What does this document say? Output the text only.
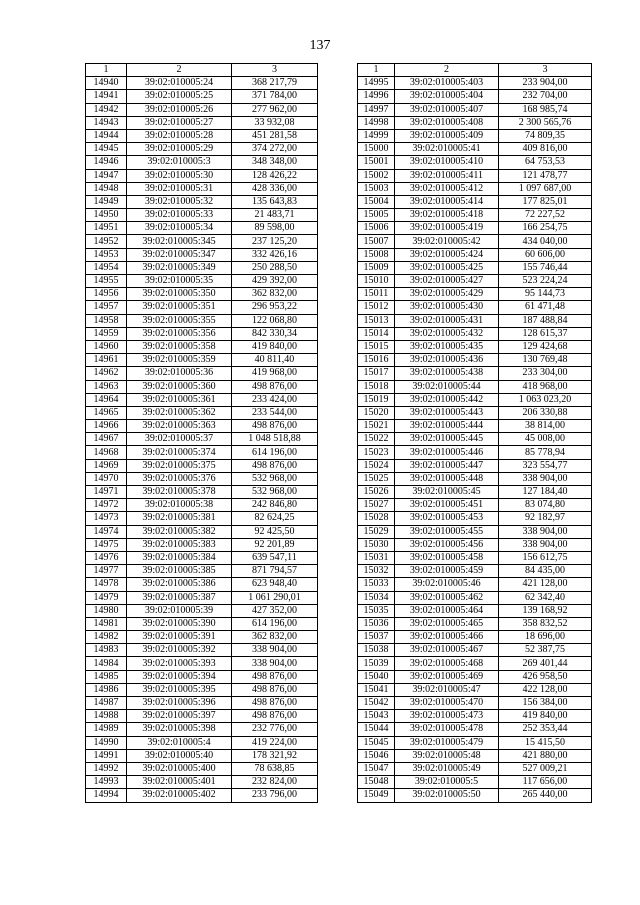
137
1	2	3
14940	39:02:010005:24	368 217,79
14941	39:02:010005:25	371 784,00
14942	39:02:010005:26	277 962,00
14943	39:02:010005:27	33 932,08
14944	39:02:010005:28	451 281,58
14945	39:02:010005:29	374 272,00
14946	39:02:010005:3	348 348,00
14947	39:02:010005:30	128 426,22
14948	39:02:010005:31	428 336,00
14949	39:02:010005:32	135 643,83
14950	39:02:010005:33	21 483,71
14951	39:02:010005:34	89 598,00
14952	39:02:010005:345	237 125,20
14953	39:02:010005:347	332 426,16
14954	39:02:010005:349	250 288,50
14955	39:02:010005:35	429 392,00
14956	39:02:010005:350	362 832,00
14957	39:02:010005:351	296 953,22
14958	39:02:010005:355	122 068,80
14959	39:02:010005:356	842 330,34
14960	39:02:010005:358	419 840,00
14961	39:02:010005:359	40 811,40
14962	39:02:010005:36	419 968,00
14963	39:02:010005:360	498 876,00
14964	39:02:010005:361	233 424,00
14965	39:02:010005:362	233 544,00
14966	39:02:010005:363	498 876,00
14967	39:02:010005:37	1 048 518,88
14968	39:02:010005:374	614 196,00
14969	39:02:010005:375	498 876,00
14970	39:02:010005:376	532 968,00
14971	39:02:010005:378	532 968,00
14972	39:02:010005:38	242 846,80
14973	39:02:010005:381	82 624,25
14974	39:02:010005:382	92 425,50
14975	39:02:010005:383	92 201,89
14976	39:02:010005:384	639 547,11
14977	39:02:010005:385	871 794,57
14978	39:02:010005:386	623 948,40
14979	39:02:010005:387	1 061 290,01
14980	39:02:010005:39	427 352,00
14981	39:02:010005:390	614 196,00
14982	39:02:010005:391	362 832,00
14983	39:02:010005:392	338 904,00
14984	39:02:010005:393	338 904,00
14985	39:02:010005:394	498 876,00
14986	39:02:010005:395	498 876,00
14987	39:02:010005:396	498 876,00
14988	39:02:010005:397	498 876,00
14989	39:02:010005:398	232 776,00
14990	39:02:010005:4	419 224,00
14991	39:02:010005:40	178 321,92
14992	39:02:010005:400	78 638,85
14993	39:02:010005:401	232 824,00
14994	39:02:010005:402	233 796,00
1	2	3
14995	39:02:010005:403	233 904,00
14996	39:02:010005:404	232 704,00
14997	39:02:010005:407	168 985,74
14998	39:02:010005:408	2 300 565,76
14999	39:02:010005:409	74 809,35
15000	39:02:010005:41	409 816,00
15001	39:02:010005:410	64 753,53
15002	39:02:010005:411	121 478,77
15003	39:02:010005:412	1 097 687,00
15004	39:02:010005:414	177 825,01
15005	39:02:010005:418	72 227,52
15006	39:02:010005:419	166 254,75
15007	39:02:010005:42	434 040,00
15008	39:02:010005:424	60 606,00
15009	39:02:010005:425	155 746,44
15010	39:02:010005:427	523 224,24
15011	39:02:010005:429	95 144,73
15012	39:02:010005:430	61 471,48
15013	39:02:010005:431	187 488,84
15014	39:02:010005:432	128 615,37
15015	39:02:010005:435	129 424,68
15016	39:02:010005:436	130 769,48
15017	39:02:010005:438	233 304,00
15018	39:02:010005:44	418 968,00
15019	39:02:010005:442	1 063 023,20
15020	39:02:010005:443	206 330,88
15021	39:02:010005:444	38 814,00
15022	39:02:010005:445	45 008,00
15023	39:02:010005:446	85 778,94
15024	39:02:010005:447	323 554,77
15025	39:02:010005:448	338 904,00
15026	39:02:010005:45	127 184,40
15027	39:02:010005:451	83 074,80
15028	39:02:010005:453	92 182,97
15029	39:02:010005:455	338 904,00
15030	39:02:010005:456	338 904,00
15031	39:02:010005:458	156 612,75
15032	39:02:010005:459	84 435,00
15033	39:02:010005:46	421 128,00
15034	39:02:010005:462	62 342,40
15035	39:02:010005:464	139 168,92
15036	39:02:010005:465	358 832,52
15037	39:02:010005:466	18 696,00
15038	39:02:010005:467	52 387,75
15039	39:02:010005:468	269 401,44
15040	39:02:010005:469	426 958,50
15041	39:02:010005:47	422 128,00
15042	39:02:010005:470	156 384,00
15043	39:02:010005:473	419 840,00
15044	39:02:010005:478	252 353,44
15045	39:02:010005:479	15 415,50
15046	39:02:010005:48	421 880,00
15047	39:02:010005:49	527 009,21
15048	39:02:010005:5	117 656,00
15049	39:02:010005:50	265 440,00
